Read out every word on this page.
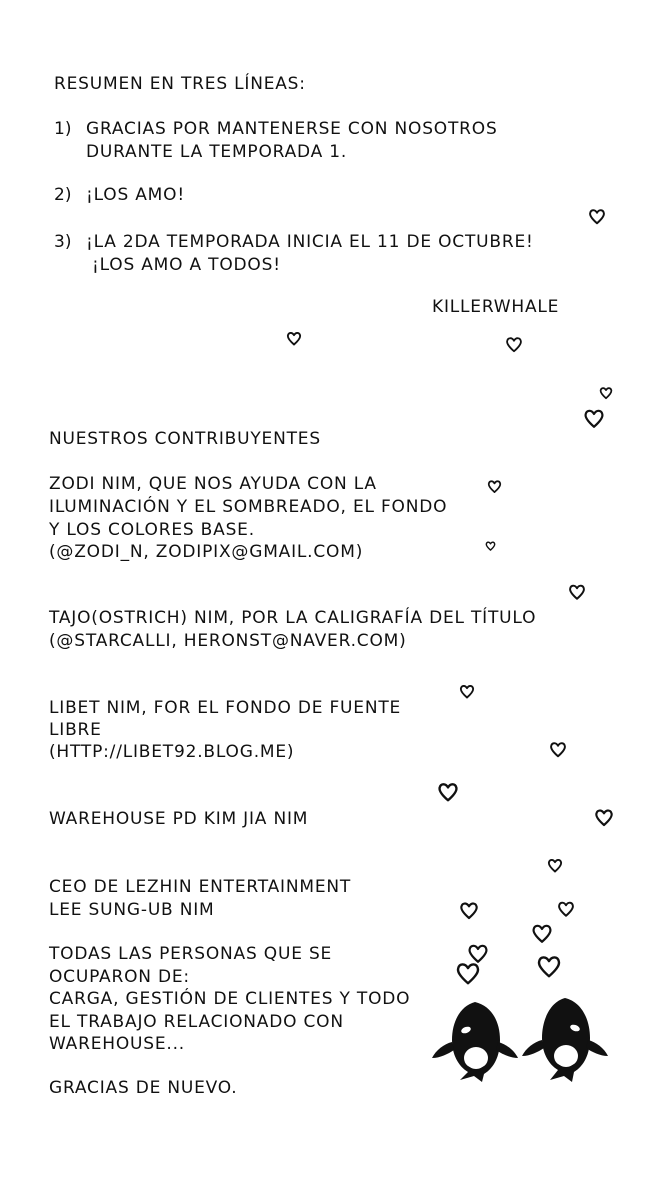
RESUMEN EN TRES LÍNEAS:

1) GRACIAS POR MANTENERSE CON NOSOTROS

DURANTE LA TEMPORADA 1.

2) ¡LOS AMO!

3) ¡LA 2DA TEMPORADA INICIA EL 11 DE OCTUBRE!

¡LOS AMO A TODOS!

KILLERWHALE

NUESTROS CONTRIBUYENTES

ZODI NIM, QUE NOS AYUDA CON LA

ILUMINACIÓN Y EL SOMBREADO, EL FONDO

Y LOS COLORES BASE.

(@ZODI_N, ZODIPIX@GMAIL.COM)

TAJO(OSTRICH) NIM, POR LA CALIGRAFÍA DEL TÍTULO

(@STARCALLI, HERONST@NAVER.COM)

LIBET NIM, FOR EL FONDO DE FUENTE

LIBRE

(HTTP://LIBET92.BLOG.ME)

WAREHOUSE PD KIM JIA NIM

CEO DE LEZHIN ENTERTAINMENT

LEE SUNG-UB NIM

TODAS LAS PERSONAS QUE SE

OCUPARON DE:

CARGA, GESTIÓN DE CLIENTES Y TODO

EL TRABAJO RELACIONADO CON

WAREHOUSE...

GRACIAS DE NUEVO.
